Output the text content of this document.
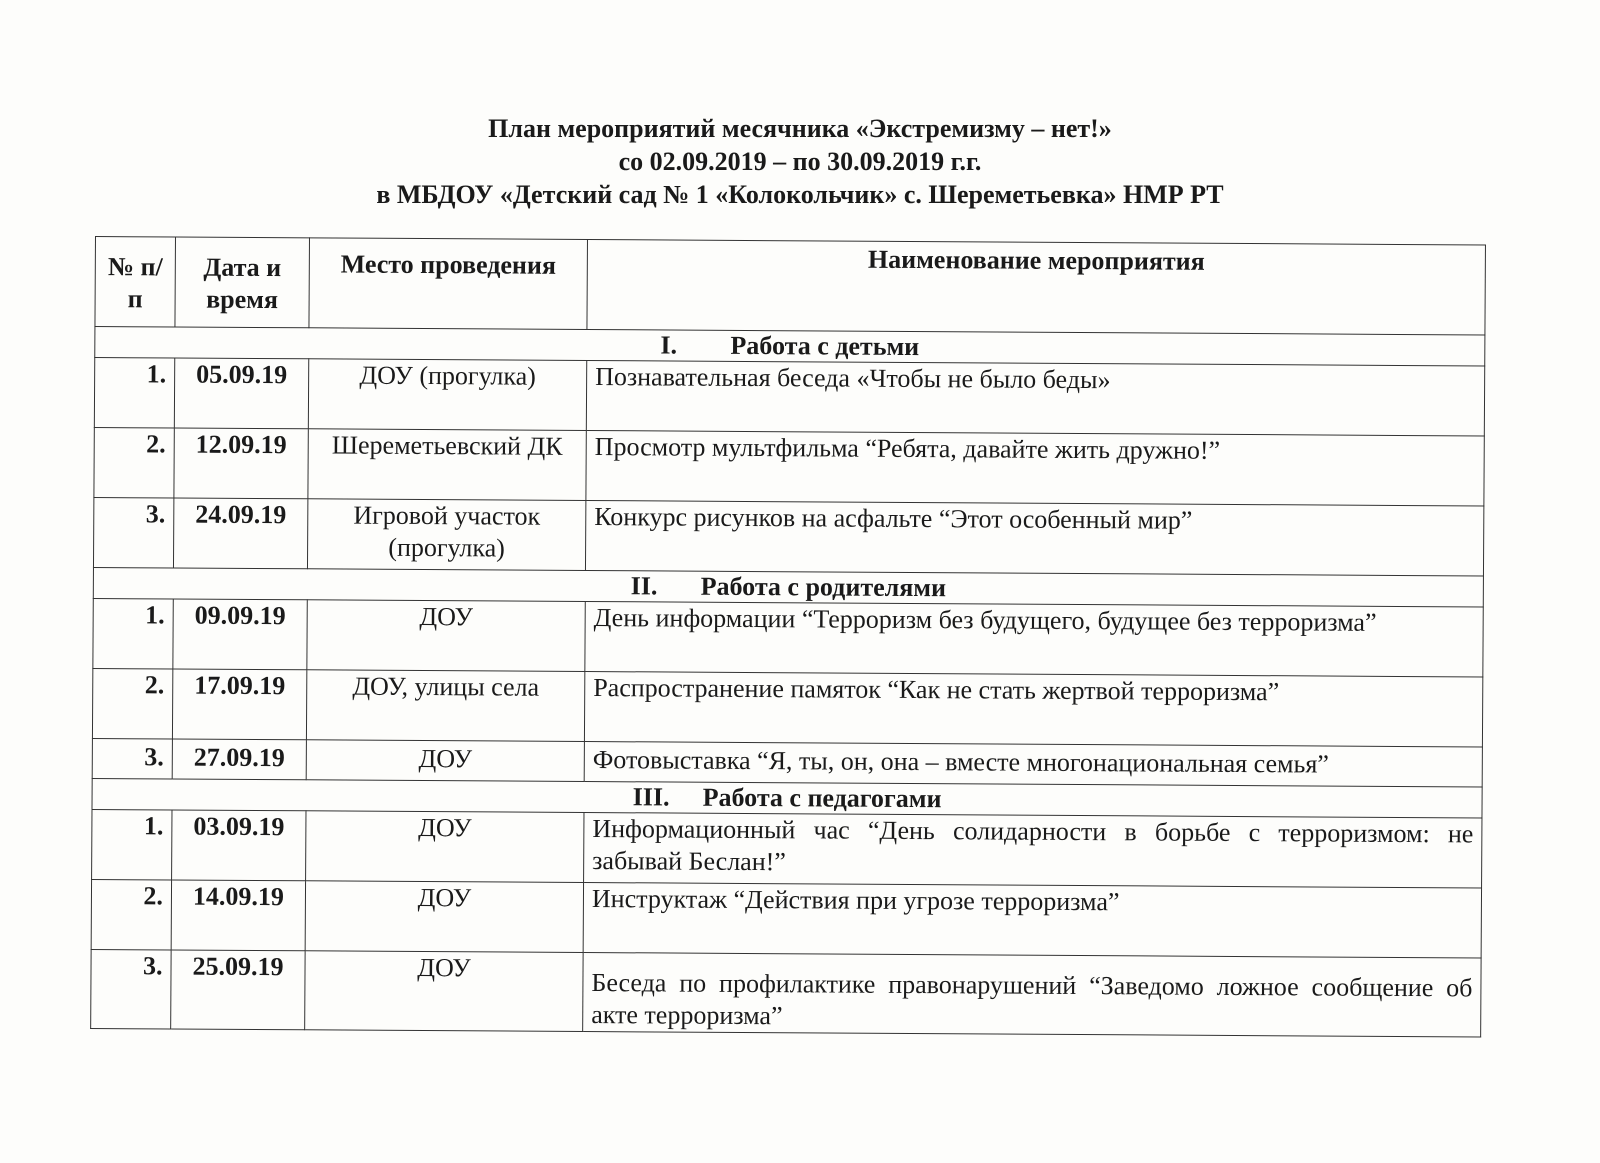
План мероприятий месячника «Экстремизму – нет!»
со 02.09.2019 – по 30.09.2019 г.г.
в МБДОУ «Детский сад № 1 «Колокольчик» с. Шереметьевка» НМР РТ
№ п/п	Дата и время	Место проведения	Наименование мероприятия
I. Работа с детьми			
1.	05.09.19	ДОУ (прогулка)	Познавательная беседа «Чтобы не было беды»
2.	12.09.19	Шереметьевский ДК	Просмотр мультфильма “Ребята, давайте жить дружно!”
3.	24.09.19	Игровой участок (прогулка)	Конкурс рисунков на асфальте “Этот особенный мир”
II. Работа с родителями			
1.	09.09.19	ДОУ	День информации “Терроризм без будущего, будущее без терроризма”
2.	17.09.19	ДОУ, улицы села	Распространение памяток “Как не стать жертвой терроризма”
3.	27.09.19	ДОУ	Фотовыставка “Я, ты, он, она – вместе многонациональная семья”
III. Работа с педагогами			
1.	03.09.19	ДОУ	Информационный час “День солидарности в борьбе с терроризмом: не забывай Беслан!”
2.	14.09.19	ДОУ	Инструктаж “Действия при угрозе терроризма”
3.	25.09.19	ДОУ	Беседа по профилактике правонарушений “Заведомо ложное сообщение об акте терроризма”
